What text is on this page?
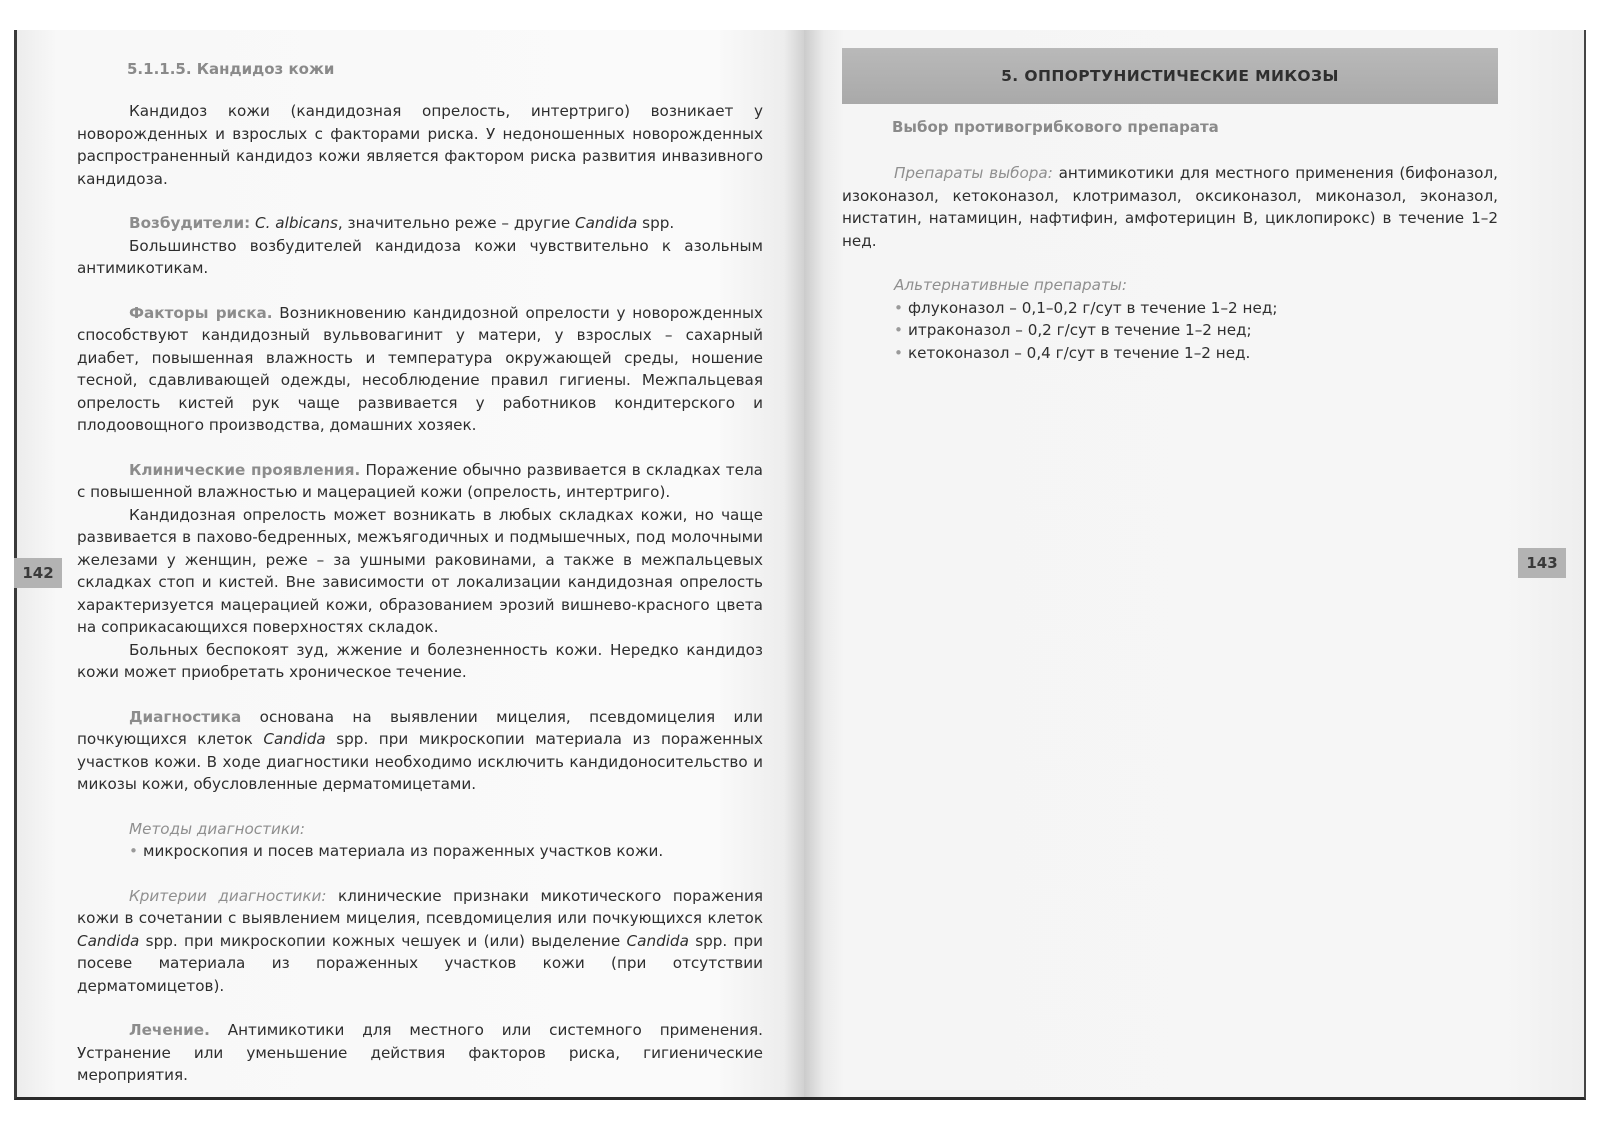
142
5.1.1.5. Кандидоз кожи

Кандидоз кожи (кандидозная опрелость, интертриго) возникает у новорожденных и взрослых с факторами риска. У недоношенных новорожденных распространенный кандидоз кожи является фактором риска развития инвазивного кандидоза.

Возбудители: C. albicans, значительно реже – другие Candida spp.

Большинство возбудителей кандидоза кожи чувствительно к азольным антимикотикам.

Факторы риска. Возникновению кандидозной опрелости у новорожденных способствуют кандидозный вульвовагинит у матери, у взрослых – сахарный диабет, повышенная влажность и температура окружающей среды, ношение тесной, сдавливающей одежды, несоблюдение правил гигиены. Межпальцевая опрелость кистей рук чаще развивается у работников кондитерского и плодоовощного производства, домашних хозяек.

Клинические проявления. Поражение обычно развивается в складках тела с повышенной влажностью и мацерацией кожи (опрелость, интертриго).

Кандидозная опрелость может возникать в любых складках кожи, но чаще развивается в пахово-бедренных, межъягодичных и подмышечных, под молочными железами у женщин, реже – за ушными раковинами, а также в межпальцевых складках стоп и кистей. Вне зависимости от локализации кандидозная опрелость характеризуется мацерацией кожи, образованием эрозий вишнево-красного цвета на соприкасающихся поверхностях складок.

Больных беспокоят зуд, жжение и болезненность кожи. Нередко кандидоз кожи может приобретать хроническое течение.

Диагностика основана на выявлении мицелия, псевдомицелия или почкующихся клеток Candida spp. при микроскопии материала из пораженных участков кожи. В ходе диагностики необходимо исключить кандидоносительство и микозы кожи, обусловленные дерматомицетами.

Методы диагностики:

• микроскопия и посев материала из пораженных участков кожи.

Критерии диагностики: клинические признаки микотического поражения кожи в сочетании с выявлением мицелия, псевдомицелия или почкующихся клеток Candida spp. при микроскопии кожных чешуек и (или) выделение Candida spp. при посеве материала из пораженных участков кожи (при отсутствии дерматомицетов).

Лечение. Антимикотики для местного или системного применения. Устранение или уменьшение действия факторов риска, гигиенические мероприятия.

143
5. ОППОРТУНИСТИЧЕСКИЕ МИКОЗЫ
Выбор противогрибкового препарата

Препараты выбора: антимикотики для местного применения (бифоназол, изоконазол, кетоконазол, клотримазол, оксиконазол, миконазол, эконазол, нистатин, натамицин, нафтифин, амфотерицин В, циклопирокс) в течение 1–2 нед.

Альтернативные препараты:

• флуконазол – 0,1–0,2 г/сут в течение 1–2 нед;
• итраконазол – 0,2 г/сут в течение 1–2 нед;
• кетоконазол – 0,4 г/сут в течение 1–2 нед.
